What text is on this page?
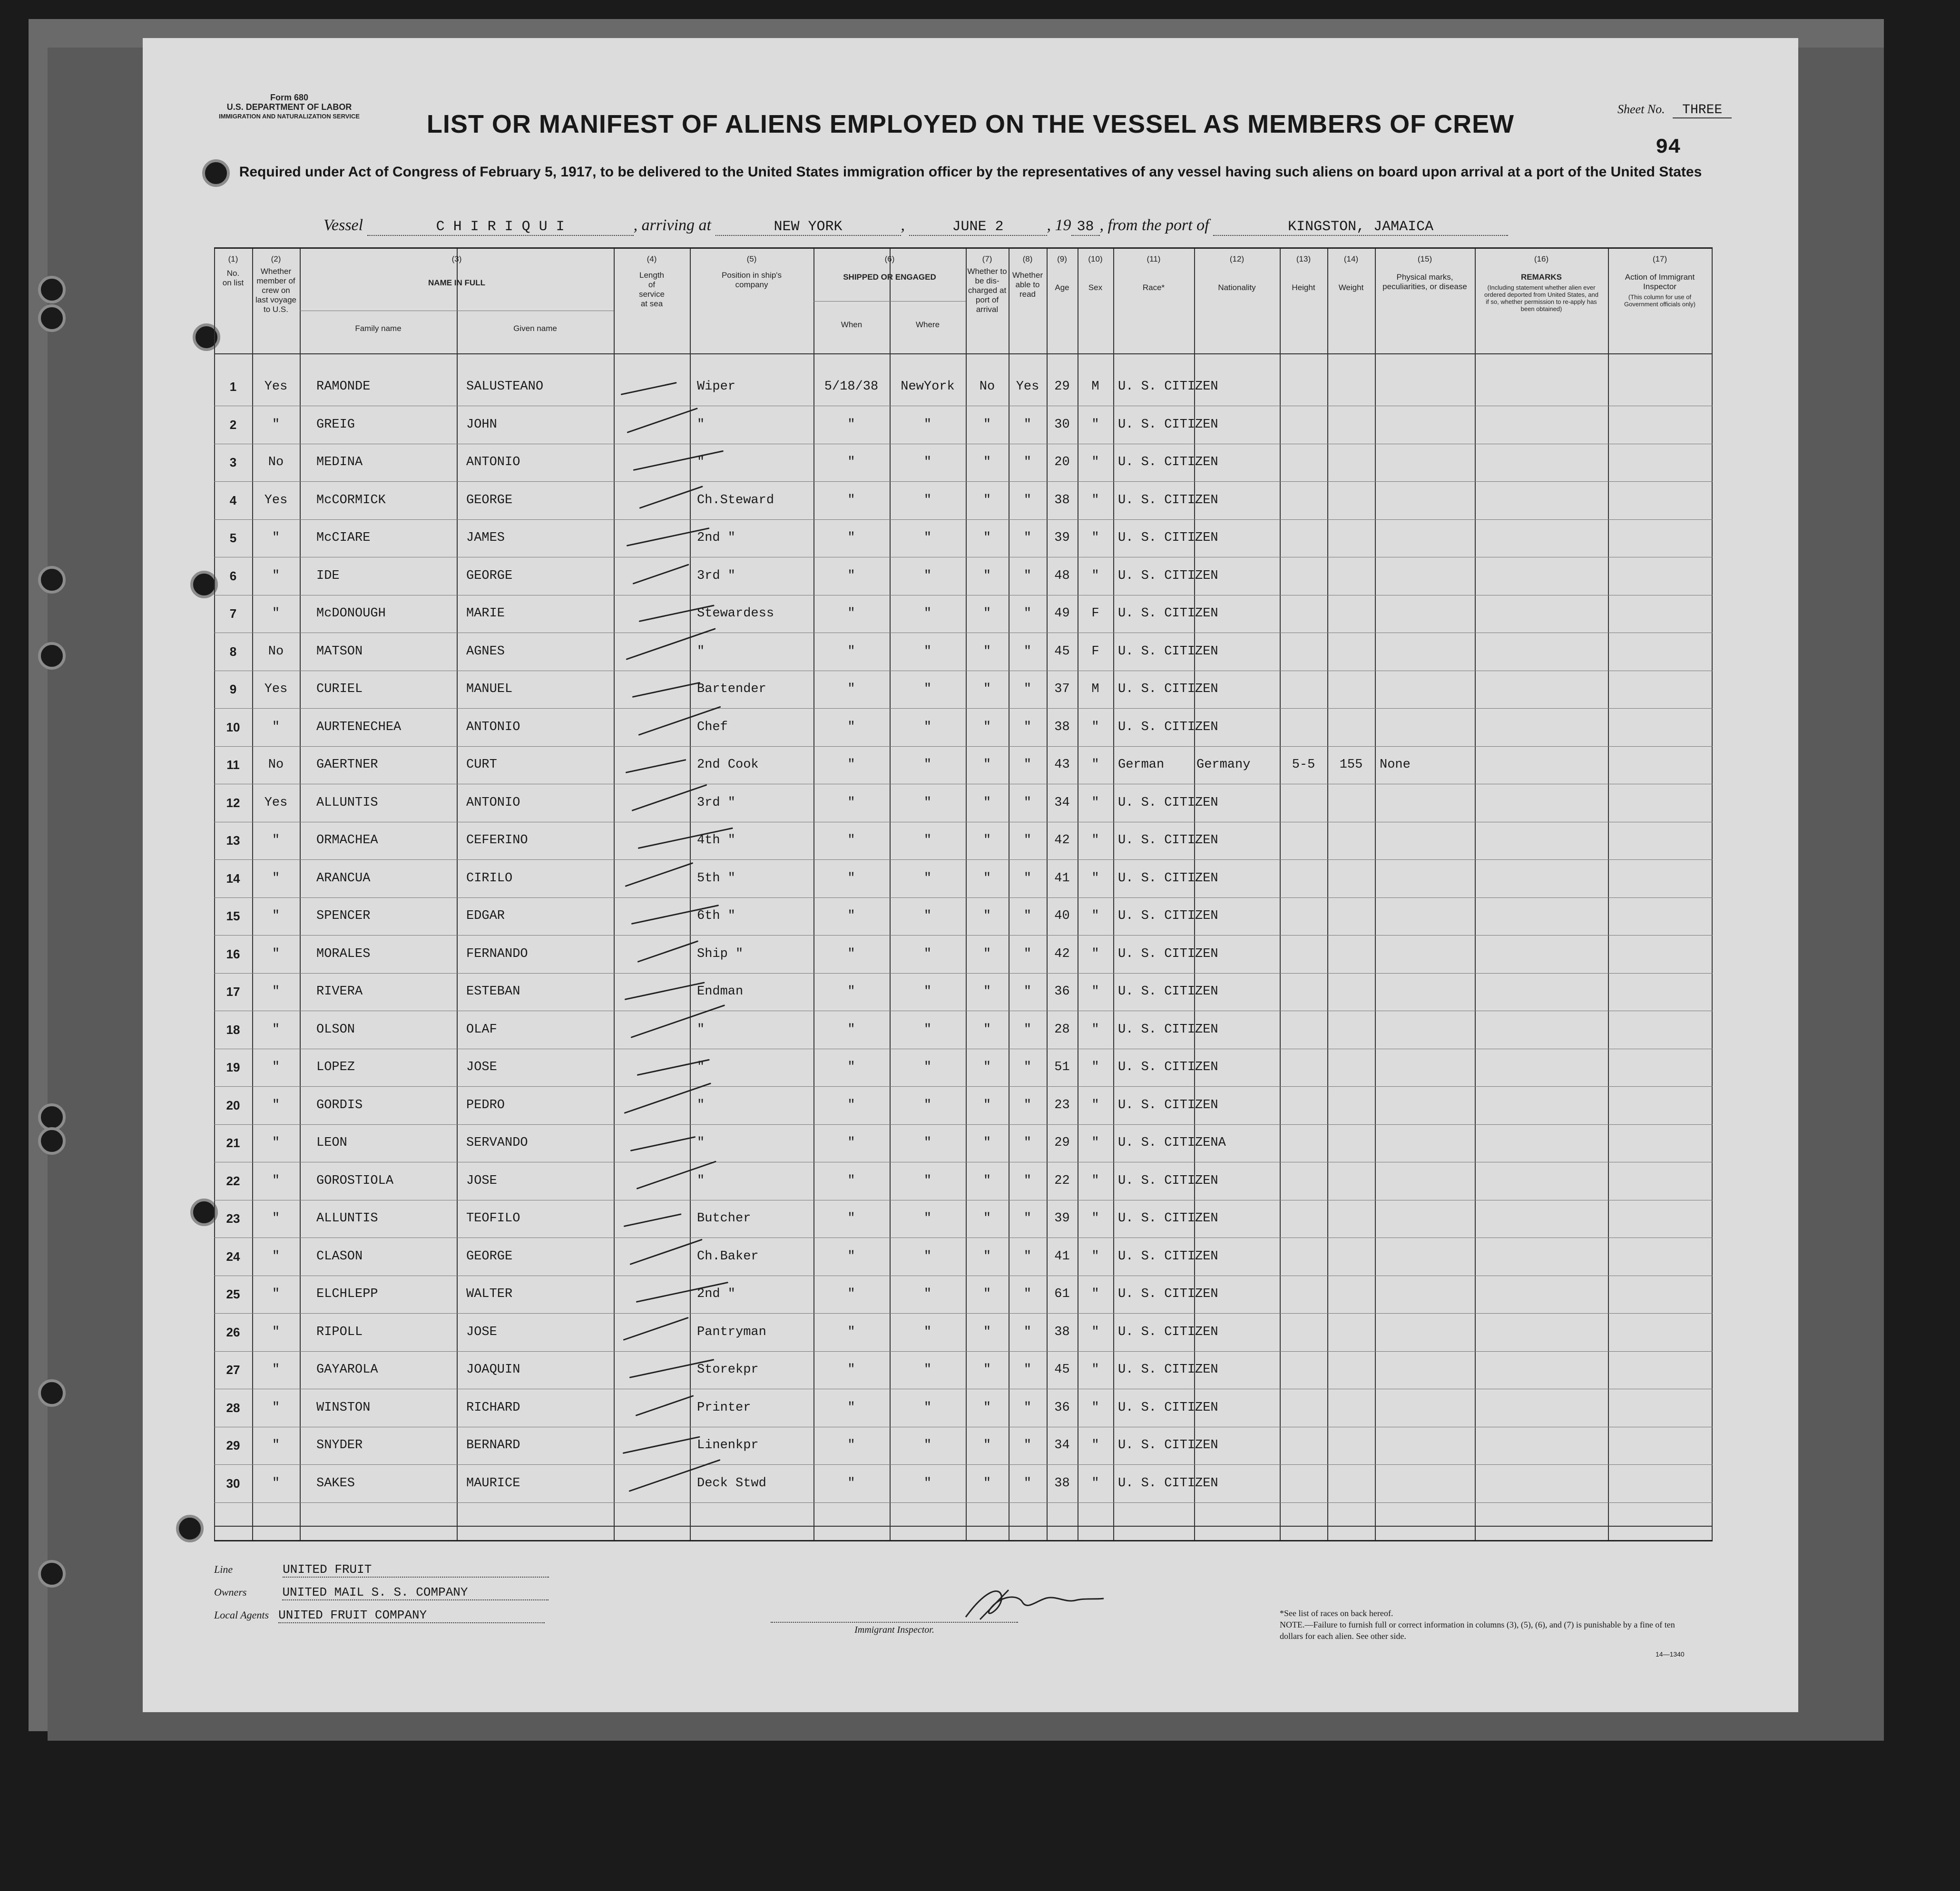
Form 680
U.S. DEPARTMENT OF LABOR
IMMIGRATION AND NATURALIZATION SERVICE
Sheet No. THREE
94
LIST OR MANIFEST OF ALIENS EMPLOYED ON THE VESSEL AS MEMBERS OF CREW
Required under Act of Congress of February 5, 1917, to be delivered to the United States immigration officer by the representatives of any vessel having such aliens on board upon arrival at a port of the United States
Vessel	C H I R I Q U I	, arriving at	NEW YORK	,	JUNE 2	, 19 38 , from the port of	KINGSTON, JAMAICA
(1)
No. on list
(2)
Whether member of crew on last voyage to U.S.
(3)
NAME IN FULL
Family name	Given name
(4)
Length of service at sea
(5)
Position in ship's company
(6)
SHIPPED OR ENGAGED
When	Where
(7)
Whether to be dis-charged at port of arrival
(8)
Whether able to read
(9)
Age
(10)
Sex
(11)
Race*
(12)
Nationality
(13)
Height
(14)
Weight
(15)
Physical marks, peculiarities, or disease
(16)
REMARKS
(Including statement whether alien ever ordered deported from United States, and if so, whether permission to re-apply has been obtained)
(17)
Action of Immigrant Inspector
(This column for use of Government officials only)
1	Yes	RAMONDE	SALUSTEANO	Wiper	5/18/38	NewYork	No	Yes	29	M	U. S. CITIZEN
2	"	GREIG	JOHN	"	"	"	"	"	30	"	U. S. CITIZEN
3	No	MEDINA	ANTONIO	"	"	"	"	"	20	"	U. S. CITIZEN
4	Yes	McCORMICK	GEORGE	Ch.Steward	"	"	"	"	38	"	U. S. CITIZEN
5	"	McCIARE	JAMES	2nd "	"	"	"	"	39	"	U. S. CITIZEN
6	"	IDE	GEORGE	3rd "	"	"	"	"	48	"	U. S. CITIZEN
7	"	McDONOUGH	MARIE	Stewardess	"	"	"	"	49	F	U. S. CITIZEN
8	No	MATSON	AGNES	"	"	"	"	"	45	F	U. S. CITIZEN
9	Yes	CURIEL	MANUEL	Bartender	"	"	"	"	37	M	U. S. CITIZEN
10	"	AURTENECHEA	ANTONIO	Chef	"	"	"	"	38	"	U. S. CITIZEN
11	No	GAERTNER	CURT	2nd Cook	"	"	"	"	43	"	German	Germany	5-5	155	None
12	Yes	ALLUNTIS	ANTONIO	3rd "	"	"	"	"	34	"	U. S. CITIZEN
13	"	ORMACHEA	CEFERINO	4th "	"	"	"	"	42	"	U. S. CITIZEN
14	"	ARANCUA	CIRILO	5th "	"	"	"	"	41	"	U. S. CITIZEN
15	"	SPENCER	EDGAR	6th "	"	"	"	"	40	"	U. S. CITIZEN
16	"	MORALES	FERNANDO	Ship "	"	"	"	"	42	"	U. S. CITIZEN
17	"	RIVERA	ESTEBAN	Endman	"	"	"	"	36	"	U. S. CITIZEN
18	"	OLSON	OLAF	"	"	"	"	"	28	"	U. S. CITIZEN
19	"	LOPEZ	JOSE	"	"	"	"	"	51	"	U. S. CITIZEN
20	"	GORDIS	PEDRO	"	"	"	"	"	23	"	U. S. CITIZEN
21	"	LEON	SERVANDO	"	"	"	"	"	29	"	U. S. CITIZENA
22	"	GOROSTIOLA	JOSE	"	"	"	"	"	22	"	U. S. CITIZEN
23	"	ALLUNTIS	TEOFILO	Butcher	"	"	"	"	39	"	U. S. CITIZEN
24	"	CLASON	GEORGE	Ch.Baker	"	"	"	"	41	"	U. S. CITIZEN
25	"	ELCHLEPP	WALTER	2nd "	"	"	"	"	61	"	U. S. CITIZEN
26	"	RIPOLL	JOSE	Pantryman	"	"	"	"	38	"	U. S. CITIZEN
27	"	GAYAROLA	JOAQUIN	Storekpr	"	"	"	"	45	"	U. S. CITIZEN
28	"	WINSTON	RICHARD	Printer	"	"	"	"	36	"	U. S. CITIZEN
29	"	SNYDER	BERNARD	Linenkpr	"	"	"	"	34	"	U. S. CITIZEN
30	"	SAKES	MAURICE	Deck Stwd	"	"	"	"	38	"	U. S. CITIZEN
Line	UNITED FRUIT
Owners	UNITED MAIL S. S. COMPANY
Local Agents UNITED FRUIT COMPANY
Immigrant Inspector.
*See list of races on back hereof.
NOTE.—Failure to furnish full or correct information in columns (3), (5), (6), and (7) is punishable by a fine of ten dollars for each alien. See other side.
14—1340
